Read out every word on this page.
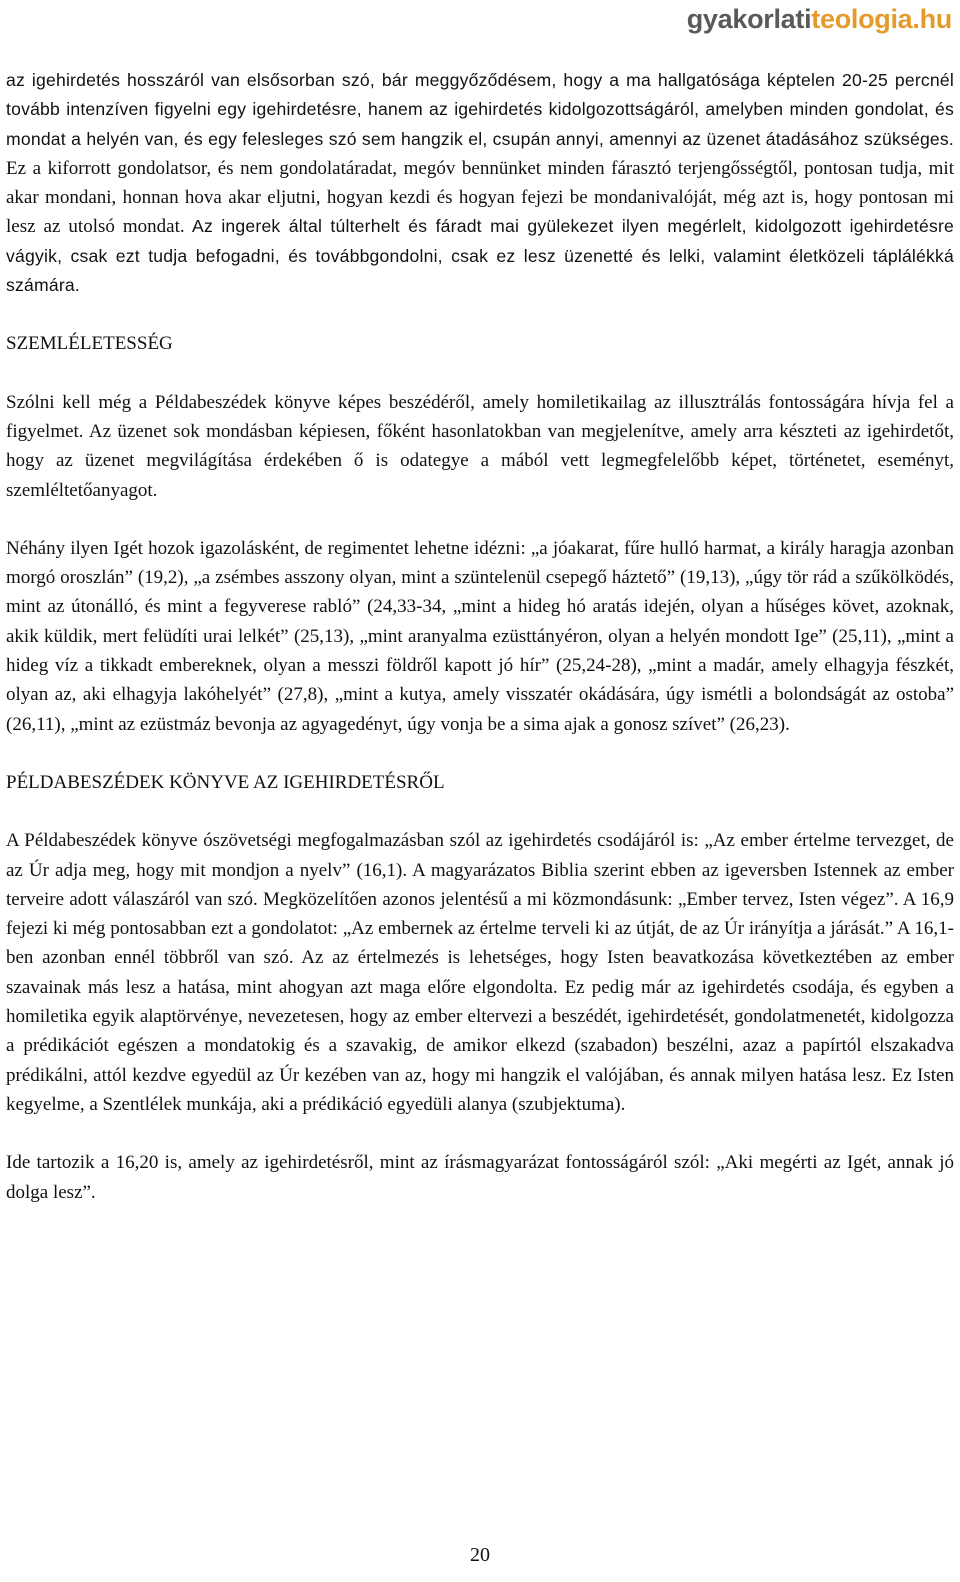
gyakorlatiteologia.hu

az igehirdetés hosszáról van elsősorban szó, bár meggyőződésem, hogy a ma hallgatósága képtelen 20-25 percnél tovább intenzíven figyelni egy igehirdetésre, hanem az igehirdetés kidolgozottságáról, amelyben minden gondolat, és mondat a helyén van, és egy felesleges szó sem hangzik el, csupán annyi, amennyi az üzenet átadásához szükséges. Ez a kiforrott gondolatsor, és nem gondolatáradat, megóv bennünket minden fárasztó terjengősségtől, pontosan tudja, mit akar mondani, honnan hova akar eljutni, hogyan kezdi és hogyan fejezi be mondanivalóját, még azt is, hogy pontosan mi lesz az utolsó mondat. Az ingerek által túlterhelt és fáradt mai gyülekezet ilyen megérlelt, kidolgozott igehirdetésre vágyik, csak ezt tudja befogadni, és továbbgondolni, csak ez lesz üzenetté és lelki, valamint életközeli táplálékká számára.

SZEMLÉLETESSÉG

Szólni kell még a Példabeszédek könyve képes beszédéről, amely homiletikailag az illusztrálás fontosságára hívja fel a figyelmet. Az üzenet sok mondásban képiesen, főként hasonlatokban van megjelenítve, amely arra készteti az igehirdetőt, hogy az üzenet megvilágítása érdekében ő is odategye a mából vett legmegfelelőbb képet, történetet, eseményt, szemléltetőanyagot.

Néhány ilyen Igét hozok igazolásként, de regimentet lehetne idézni: „a jóakarat, fűre hulló harmat, a király haragja azonban morgó oroszlán” (19,2), „a zsémbes asszony olyan, mint a szüntelenül csepegő háztető” (19,13), „úgy tör rád a szűkölködés, mint az útonálló, és mint a fegyverese rabló” (24,33-34, „mint a hideg hó aratás idején, olyan a hűséges követ, azoknak, akik küldik, mert felüdíti urai lelkét” (25,13), „mint aranyalma ezüsttányéron, olyan a helyén mondott Ige” (25,11), „mint a hideg víz a tikkadt embereknek, olyan a messzi földről kapott jó hír” (25,24-28), „mint a madár, amely elhagyja fészkét, olyan az, aki elhagyja lakóhelyét” (27,8), „mint a kutya, amely visszatér okádására, úgy ismétli a bolondságát az ostoba” (26,11), „mint az ezüstmáz bevonja az agyagedényt, úgy vonja be a sima ajak a gonosz szívet” (26,23).

PÉLDABESZÉDEK KÖNYVE AZ IGEHIRDETÉSRŐL

A Példabeszédek könyve ószövetségi megfogalmazásban szól az igehirdetés csodájáról is: „Az ember értelme tervezget, de az Úr adja meg, hogy mit mondjon a nyelv” (16,1). A magyarázatos Biblia szerint ebben az igeversben Istennek az ember terveire adott válaszáról van szó. Megközelítően azonos jelentésű a mi közmondásunk: „Ember tervez, Isten végez”. A 16,9 fejezi ki még pontosabban ezt a gondolatot: „Az embernek az értelme terveli ki az útját, de az Úr irányítja a járását.” A 16,1-ben azonban ennél többről van szó. Az az értelmezés is lehetséges, hogy Isten beavatkozása következtében az ember szavainak más lesz a hatása, mint ahogyan azt maga előre elgondolta. Ez pedig már az igehirdetés csodája, és egyben a homiletika egyik alaptörvénye, nevezetesen, hogy az ember eltervezi a beszédét, igehirdetését, gondolatmenetét, kidolgozza a prédikációt egészen a mondatokig és a szavakig, de amikor elkezd (szabadon) beszélni, azaz a papírtól elszakadva prédikálni, attól kezdve egyedül az Úr kezében van az, hogy mi hangzik el valójában, és annak milyen hatása lesz. Ez Isten kegyelme, a Szentlélek munkája, aki a prédikáció egyedüli alanya (szubjektuma).

Ide tartozik a 16,20 is, amely az igehirdetésről, mint az írásmagyarázat fontosságáról szól: „Aki megérti az Igét, annak jó dolga lesz”.

20
